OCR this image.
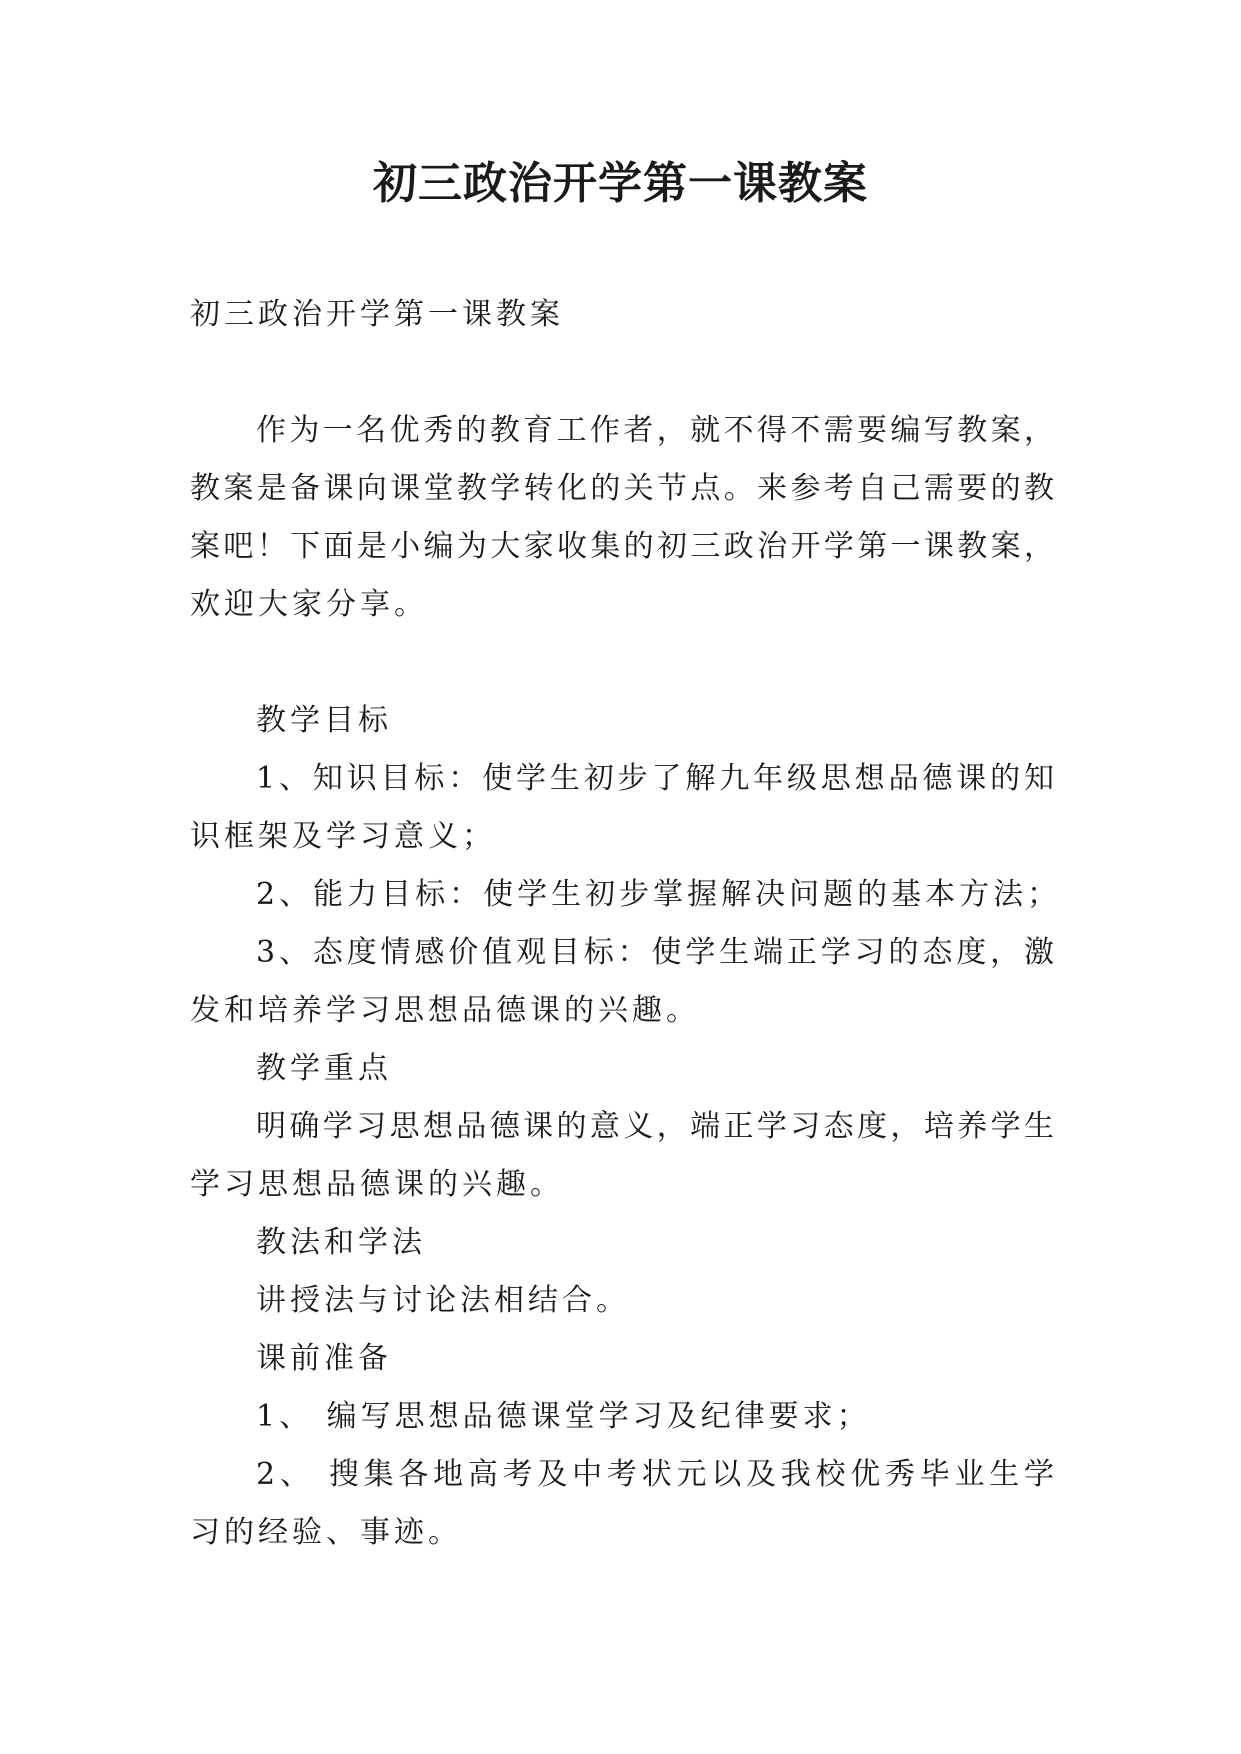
初三政治开学第一课教案
初三政治开学第一课教案
作为一名优秀的教育工作者，就不得不需要编写教案，
教案是备课向课堂教学转化的关节点。来参考自己需要的教
案吧！下面是小编为大家收集的初三政治开学第一课教案，
欢迎大家分享。
教学目标
1、知识目标：使学生初步了解九年级思想品德课的知
识框架及学习意义；
2、能力目标：使学生初步掌握解决问题的基本方法；
3、态度情感价值观目标：使学生端正学习的态度，激
发和培养学习思想品德课的兴趣。
教学重点
明确学习思想品德课的意义，端正学习态度，培养学生
学习思想品德课的兴趣。
教法和学法
讲授法与讨论法相结合。
课前准备
1、 编写思想品德课堂学习及纪律要求；
2、 搜集各地高考及中考状元以及我校优秀毕业生学
习的经验、事迹。
